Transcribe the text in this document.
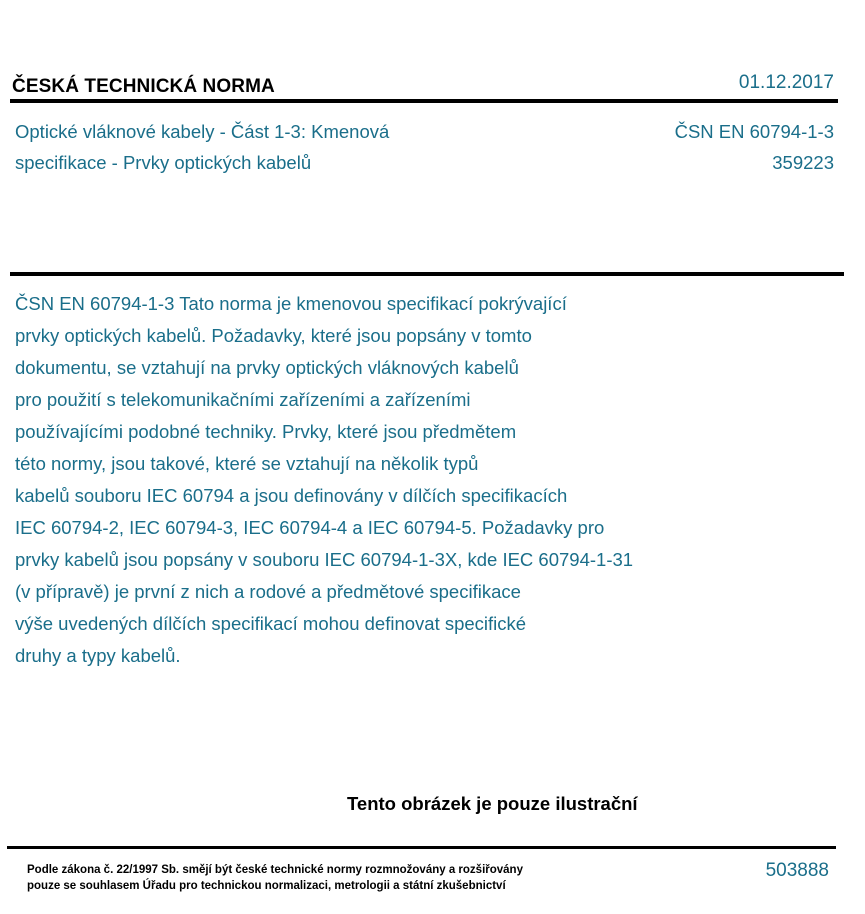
ČESKÁ TECHNICKÁ NORMA	01.12.2017
Optické vláknové kabely - Část 1-3: Kmenová
specifikace - Prvky optických kabelů
ČSN EN 60794-1-3
359223
ČSN EN 60794-1-3 Tato norma je kmenovou specifikací pokrývající
prvky optických kabelů. Požadavky, které jsou popsány v tomto
dokumentu, se vztahují na prvky optických vláknových kabelů
pro použití s telekomunikačními zařízeními a zařízeními
používajícími podobné techniky. Prvky, které jsou předmětem
této normy, jsou takové, které se vztahují na několik typů
kabelů souboru IEC 60794 a jsou definovány v dílčích specifikacích
IEC 60794-2, IEC 60794-3, IEC 60794-4 a IEC 60794-5. Požadavky pro
prvky kabelů jsou popsány v souboru IEC 60794-1-3X, kde IEC 60794-1-31
(v přípravě) je první z nich a rodové a předmětové specifikace
výše uvedených dílčích specifikací mohou definovat specifické
druhy a typy kabelů.
Tento obrázek je pouze ilustrační
Podle zákona č. 22/1997 Sb. smějí být české technické normy rozmnožovány a rozšiřovány
pouze se souhlasem Úřadu pro technickou normalizaci, metrologii a státní zkušebnictví
503888
